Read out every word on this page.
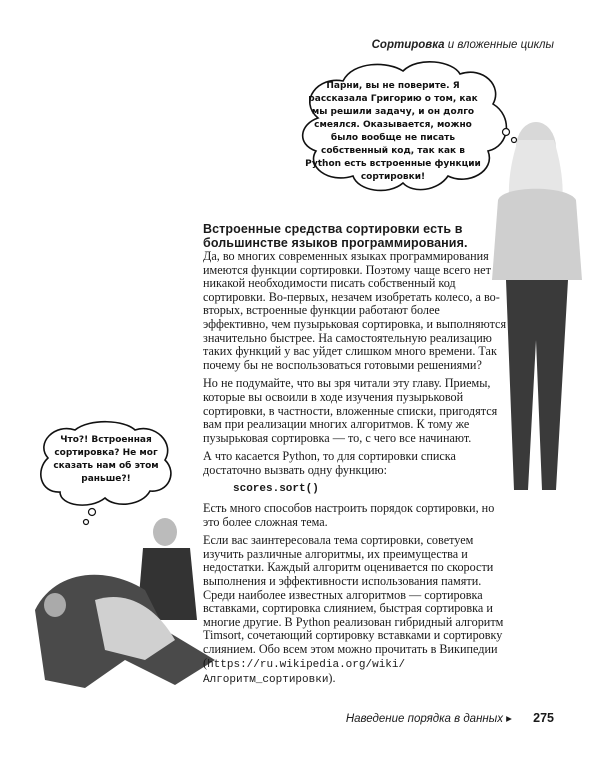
Сортировка и вложенные циклы
Парни, вы не поверите. Я рассказала Григорию о том, как мы решили задачу, и он долго смеялся. Оказывается, можно было вообще не писать собственный код, так как в Python есть встроенные функции сортировки!
Что?! Встроенная сортировка? Не мог сказать нам об этом раньше?!
Встроенные средства сортировки есть в большинстве языков программирования.

Да, во многих современных языках программирования имеются функции сортировки. Поэтому чаще всего нет никакой необходимости писать собственный код сортировки. Во-первых, незачем изобретать колесо, а во-вторых, встроенные функции работают более эффективно, чем пузырьковая сортировка, и выполняются значительно быстрее. На самостоятельную реализацию таких функций у вас уйдет слишком много времени. Так почему бы не воспользоваться готовыми решениями?

Но не подумайте, что вы зря читали эту главу. Приемы, которые вы освоили в ходе изучения пузырьковой сортировки, в частности, вложенные списки, пригодятся вам при реализации многих алгоритмов. К тому же пузырьковая сортировка — то, с чего все начинают.

А что касается Python, то для сортировки списка достаточно вызвать одну функцию:

scores.sort()

Есть много способов настроить порядок сортировки, но это более сложная тема.

Если вас заинтересовала тема сортировки, советуем изучить различные алгоритмы, их преимущества и недостатки. Каждый алгоритм оценивается по скорости выполнения и эффективности использования памяти. Среди наиболее известных алгоритмов — сортировка вставками, сортировка слиянием, быстрая сортировка и многие другие. В Python реализован гибридный алгоритм Timsort, сочетающий сортировку вставками и сортировку слиянием. Обо всем этом можно прочитать в Википедии (https://ru.wikipedia.org/wiki/Алгоритм_сортировки).

Наведение порядка в данных ▸ 275
